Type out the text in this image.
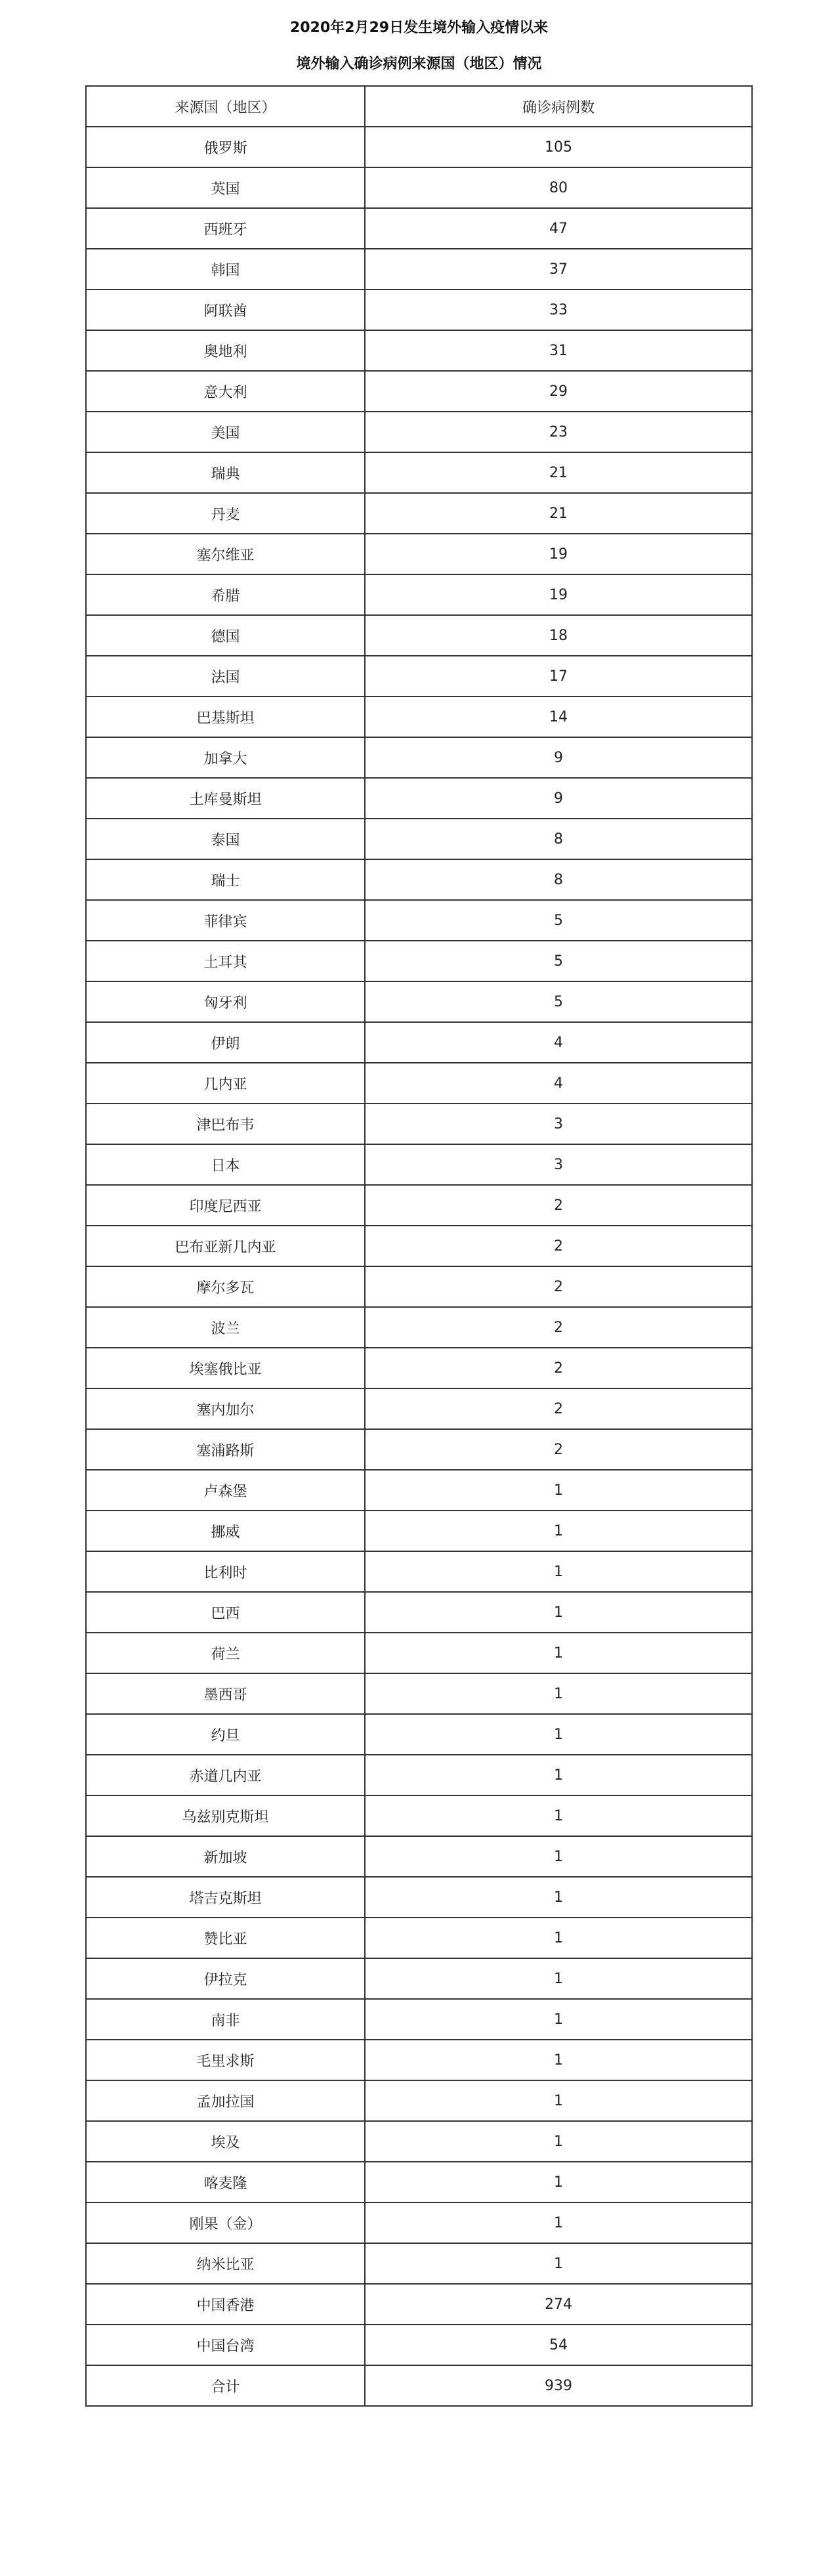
2020年2月29日发生境外输入疫情以来
境外输入确诊病例来源国（地区）情况
来源国（地区）	确诊病例数
俄罗斯	105
英国	80
西班牙	47
韩国	37
阿联酋	33
奥地利	31
意大利	29
美国	23
瑞典	21
丹麦	21
塞尔维亚	19
希腊	19
德国	18
法国	17
巴基斯坦	14
加拿大	9
土库曼斯坦	9
泰国	8
瑞士	8
菲律宾	5
土耳其	5
匈牙利	5
伊朗	4
几内亚	4
津巴布韦	3
日本	3
印度尼西亚	2
巴布亚新几内亚	2
摩尔多瓦	2
波兰	2
埃塞俄比亚	2
塞内加尔	2
塞浦路斯	2
卢森堡	1
挪威	1
比利时	1
巴西	1
荷兰	1
墨西哥	1
约旦	1
赤道几内亚	1
乌兹别克斯坦	1
新加坡	1
塔吉克斯坦	1
赞比亚	1
伊拉克	1
南非	1
毛里求斯	1
孟加拉国	1
埃及	1
喀麦隆	1
刚果（金）	1
纳米比亚	1
中国香港	274
中国台湾	54
合计	939
